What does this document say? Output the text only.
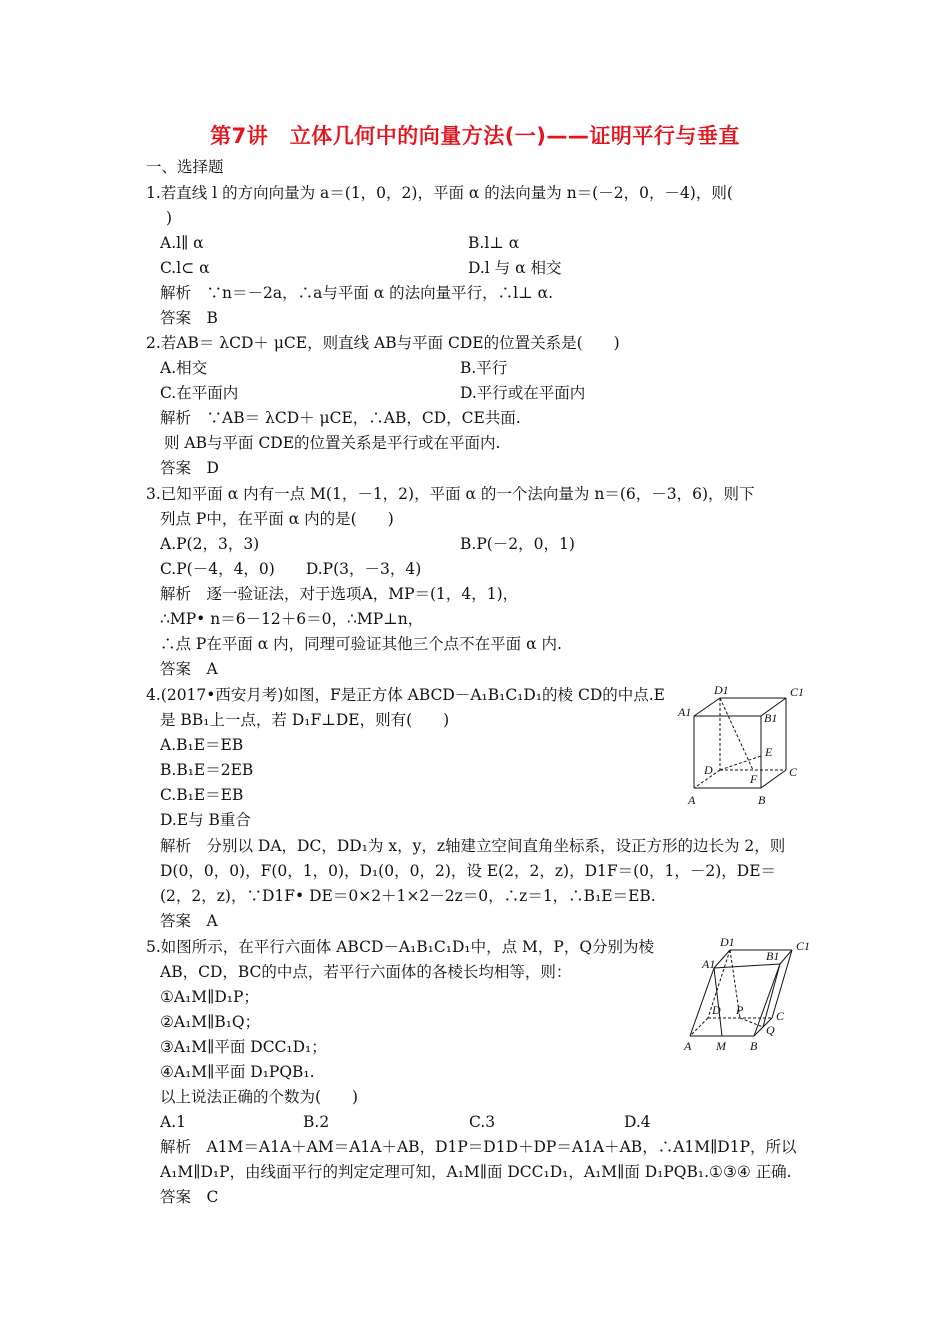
第7讲　立体几何中的向量方法(一)——证明平行与垂直
一、选择题
1.若直线 l 的方向向量为 a＝(1，0，2)，平面 α 的法向量为 n＝(－2，0，－4)，则(
)
A.l∥ α	B.l⊥ α
C.l⊂ α	D.l 与 α 相交
解析　∵n＝－2a，∴a与平面 α 的法向量平行，∴l⊥ α.
答案　B
2.若AB＝ λCD＋ μCE，则直线 AB与平面 CDE的位置关系是(　　)
A.相交	B.平行
C.在平面内	D.平行或在平面内
解析　∵AB＝ λCD＋ μCE，∴AB，CD，CE共面.
则 AB与平面 CDE的位置关系是平行或在平面内.
答案　D
3.已知平面 α 内有一点 M(1，－1，2)，平面 α 的一个法向量为 n＝(6，－3，6)，则下
列点 P中，在平面 α 内的是(　　)
A.P(2，3，3)	B.P(－2，0，1)
C.P(－4，4，0)　　D.P(3，－3，4)
解析　逐一验证法，对于选项A，MP＝(1，4，1)，
∴MP• n＝6－12＋6＝0，∴MP⊥n，
∴点 P在平面 α 内，同理可验证其他三个点不在平面 α 内.
答案　A
4.(2017•西安月考)如图，F是正方体 ABCD－A₁B₁C₁D₁的棱 CD的中点.E
是 BB₁上一点，若 D₁F⊥DE，则有(　　)
A.B₁E＝EB
B.B₁E＝2EB
C.B₁E＝EB
D.E与 B重合
解析　分别以 DA，DC，DD₁为 x，y，z轴建立空间直角坐标系，设正方形的边长为 2，则
D(0，0，0)，F(0，1，0)，D₁(0，0，2)，设 E(2，2，z)，D1F＝(0，1，－2)，DE＝
(2，2，z)，∵D1F• DE＝0×2＋1×2－2z＝0，∴z＝1，∴B₁E＝EB.
答案　A
D1	C1
A1	B1
E
D	C
F
A	B
5.如图所示，在平行六面体 ABCD－A₁B₁C₁D₁中，点 M，P，Q分别为棱
AB，CD，BC的中点，若平行六面体的各棱长均相等，则：
①A₁M∥D₁P；
②A₁M∥B₁Q；
③A₁M∥平面 DCC₁D₁；
④A₁M∥平面 D₁PQB₁.
以上说法正确的个数为(　　)
A.1	B.2	C.3	D.4
解析　A1M＝A1A＋AM＝A1A＋AB，D1P＝D1D＋DP＝A1A＋AB，∴A1M∥D1P，所以
A₁M∥D₁P，由线面平行的判定定理可知，A₁M∥面 DCC₁D₁，A₁M∥面 D₁PQB₁.①③④ 正确.
答案　C
D1	C1
A1
B1
D P	C
Q
A M B
